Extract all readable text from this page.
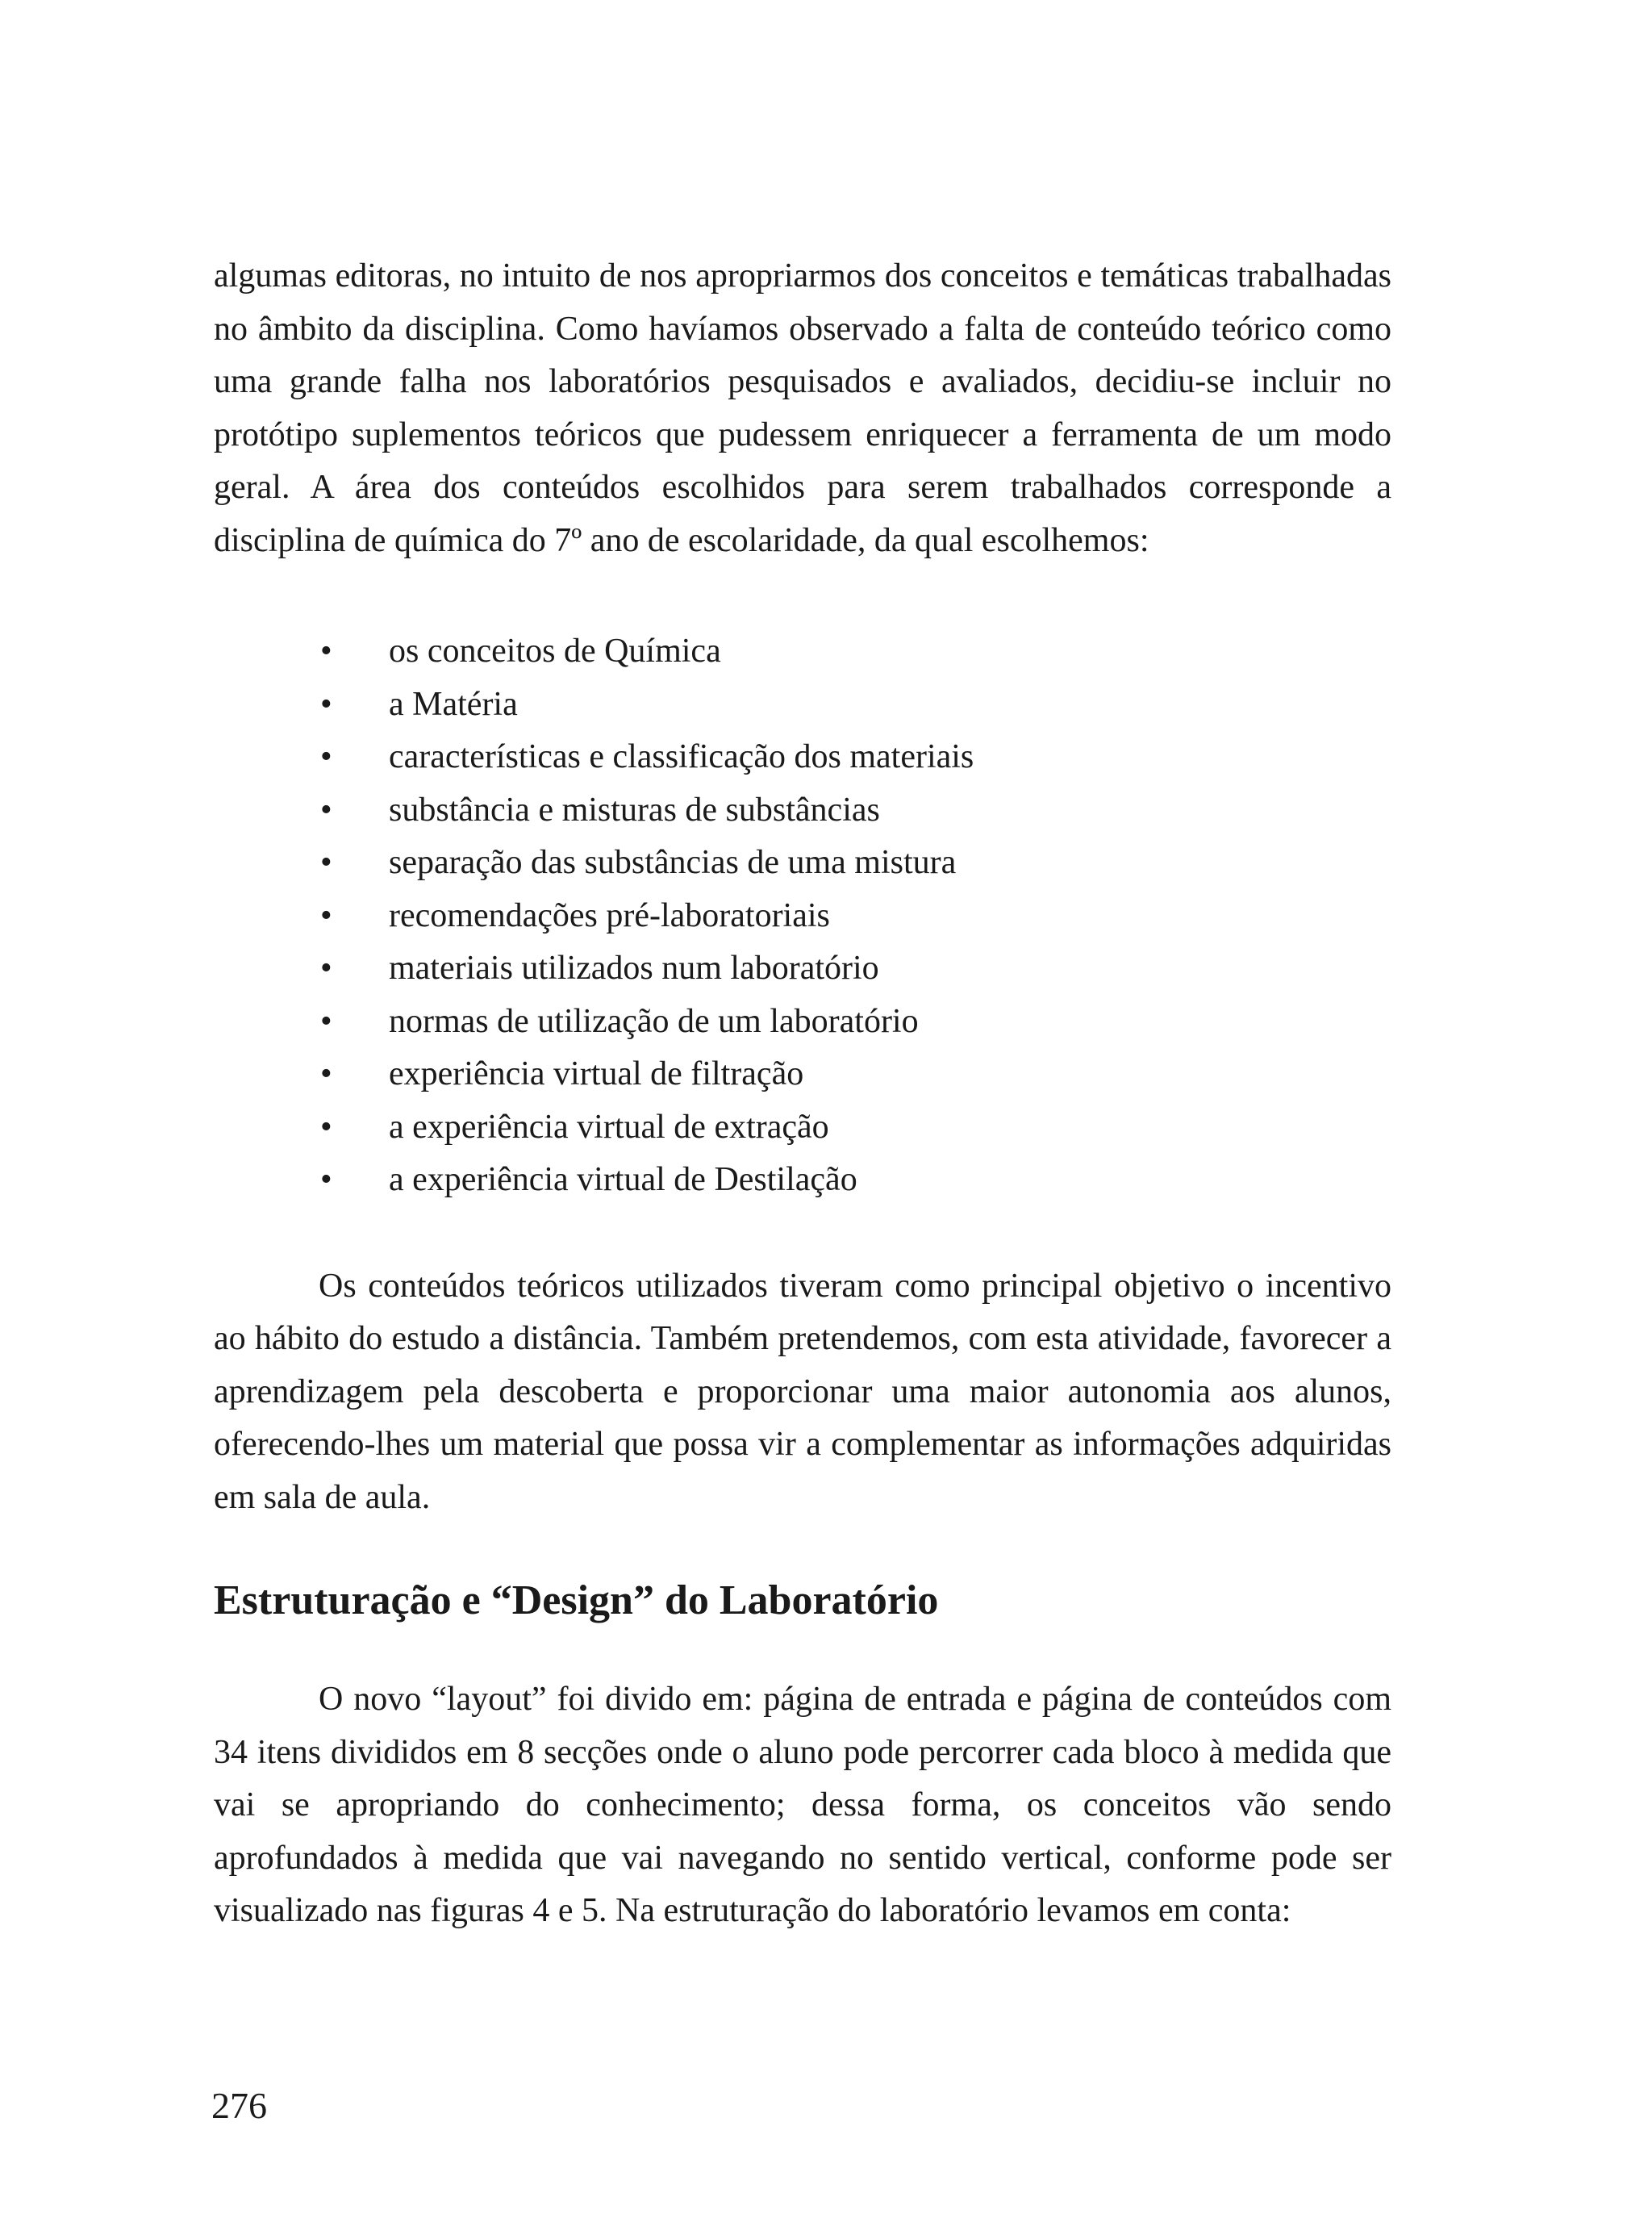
algumas editoras, no intuito de nos apropriarmos dos conceitos e temáticas trabalhadas no âmbito da disciplina. Como havíamos observado a falta de conteúdo teórico como uma grande falha nos laboratórios pesquisados e avaliados, decidiu-se incluir no protótipo suplementos teóricos que pudessem enriquecer a ferramenta de um modo geral. A área dos conteúdos escolhidos para serem trabalhados corresponde a disciplina de química do 7º ano de escolaridade, da qual escolhemos:

• os conceitos de Química
• a Matéria
• características e classificação dos materiais
• substância e misturas de substâncias
• separação das substâncias de uma mistura
• recomendações pré-laboratoriais
• materiais utilizados num laboratório
• normas de utilização de um laboratório
• experiência virtual de filtração
• a experiência virtual de extração
• a experiência virtual de Destilação

Os conteúdos teóricos utilizados tiveram como principal objetivo o incentivo ao hábito do estudo a distância. Também pretendemos, com esta atividade, favorecer a aprendizagem pela descoberta e proporcionar uma maior autonomia aos alunos, oferecendo-lhes um material que possa vir a complementar as informações adquiridas em sala de aula.

Estruturação e “Design” do Laboratório

O novo “layout” foi divido em: página de entrada e página de conteúdos com 34 itens divididos em 8 secções onde o aluno pode percorrer cada bloco à medida que vai se apropriando do conhecimento; dessa forma, os conceitos vão sendo aprofundados à medida que vai navegando no sentido vertical, conforme pode ser visualizado nas figuras 4 e 5. Na estruturação do laboratório levamos em conta:

276
